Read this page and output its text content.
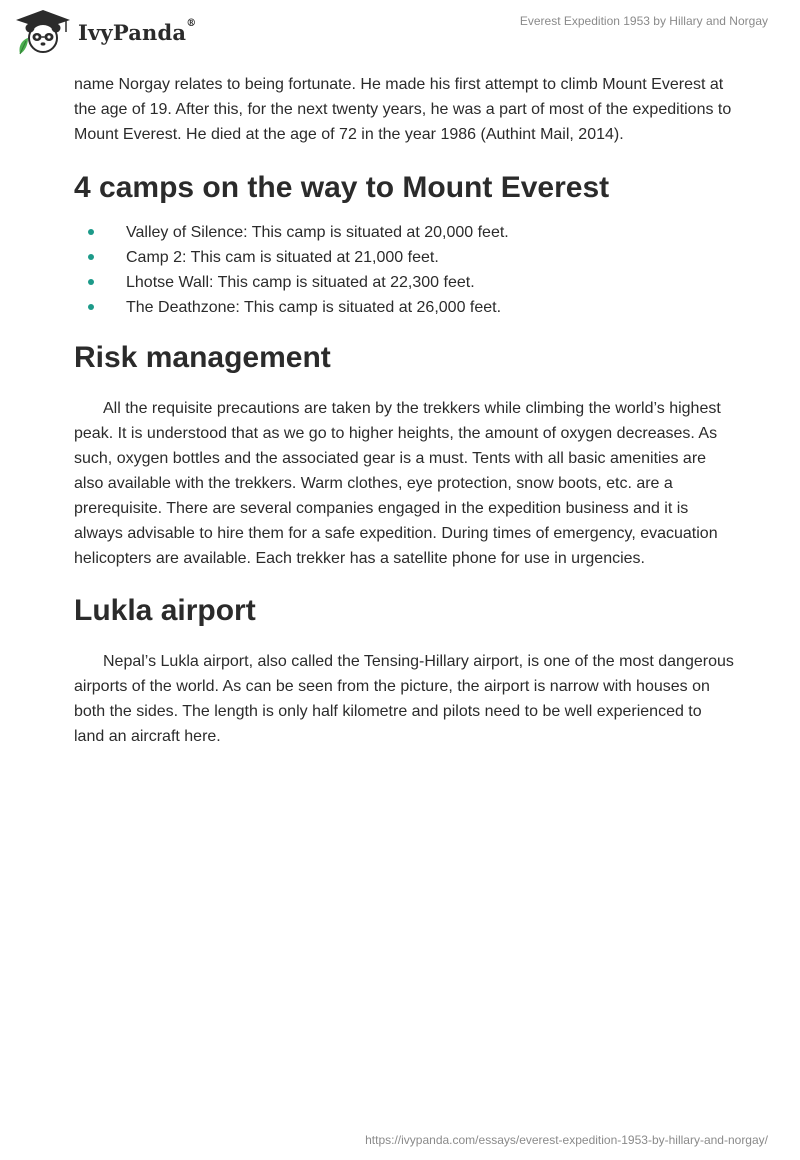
IvyPanda®	Everest Expedition 1953 by Hillary and Norgay

name Norgay relates to being fortunate. He made his first attempt to climb Mount Everest at the age of 19. After this, for the next twenty years, he was a part of most of the expeditions to Mount Everest. He died at the age of 72 in the year 1986 (Authint Mail, 2014).

4 camps on the way to Mount Everest
Valley of Silence: This camp is situated at 20,000 feet.
Camp 2: This cam is situated at 21,000 feet.
Lhotse Wall: This camp is situated at 22,300 feet.
The Deathzone: This camp is situated at 26,000 feet.
Risk management

All the requisite precautions are taken by the trekkers while climbing the world’s highest peak. It is understood that as we go to higher heights, the amount of oxygen decreases. As such, oxygen bottles and the associated gear is a must. Tents with all basic amenities are also available with the trekkers. Warm clothes, eye protection, snow boots, etc. are a prerequisite. There are several companies engaged in the expedition business and it is always advisable to hire them for a safe expedition. During times of emergency, evacuation helicopters are available. Each trekker has a satellite phone for use in urgencies.

Lukla airport

Nepal’s Lukla airport, also called the Tensing-Hillary airport, is one of the most dangerous airports of the world. As can be seen from the picture, the airport is narrow with houses on both the sides. The length is only half kilometre and pilots need to be well experienced to land an aircraft here.

https://ivypanda.com/essays/everest-expedition-1953-by-hillary-and-norgay/
